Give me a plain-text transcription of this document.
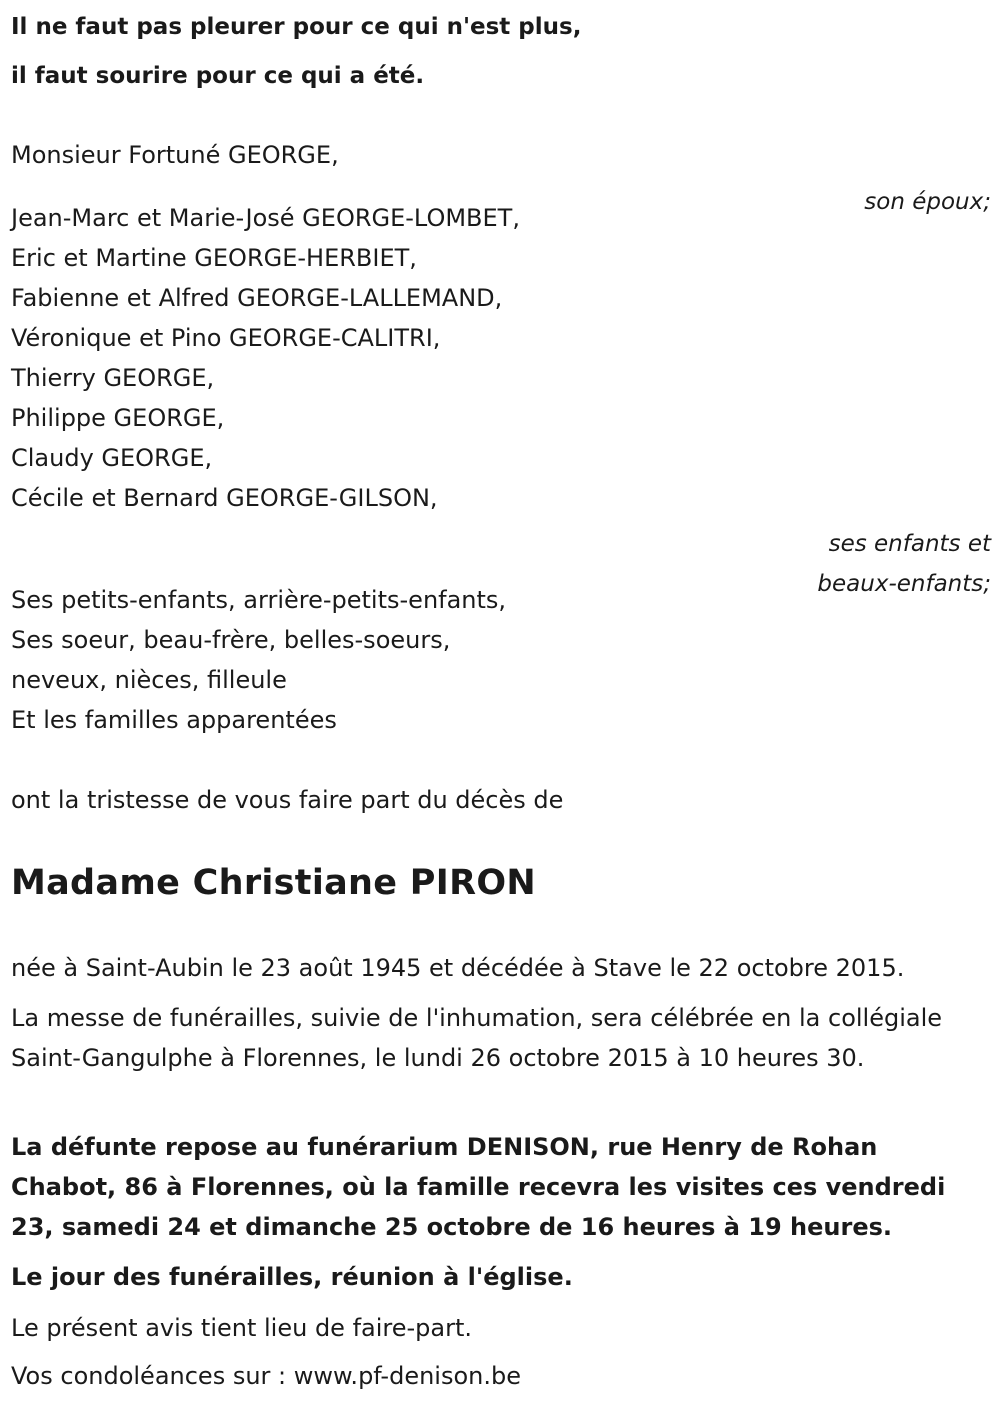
Il ne faut pas pleurer pour ce qui n'est plus,

il faut sourire pour ce qui a été.

Monsieur Fortuné GEORGE,

son époux;

Jean-Marc et Marie-José GEORGE-LOMBET,

Eric et Martine GEORGE-HERBIET,

Fabienne et Alfred GEORGE-LALLEMAND,

Véronique et Pino GEORGE-CALITRI,

Thierry GEORGE,

Philippe GEORGE,

Claudy GEORGE,

Cécile et Bernard GEORGE-GILSON,

ses enfants et

beaux-enfants;

Ses petits-enfants, arrière-petits-enfants,

Ses soeur, beau-frère, belles-soeurs,

neveux, nièces, filleule

Et les familles apparentées

ont la tristesse de vous faire part du décès de

Madame Christiane PIRON

née à Saint-Aubin le 23 août 1945 et décédée à Stave le 22 octobre 2015.

La messe de funérailles, suivie de l'inhumation, sera célébrée en la collégiale Saint-Gangulphe à Florennes, le lundi 26 octobre 2015 à 10 heures 30.

La défunte repose au funérarium DENISON, rue Henry de Rohan Chabot, 86 à Florennes, où la famille recevra les visites ces vendredi 23, samedi 24 et dimanche 25 octobre de 16 heures à 19 heures.

Le jour des funérailles, réunion à l'église.

Le présent avis tient lieu de faire-part.

Vos condoléances sur : www.pf-denison.be
